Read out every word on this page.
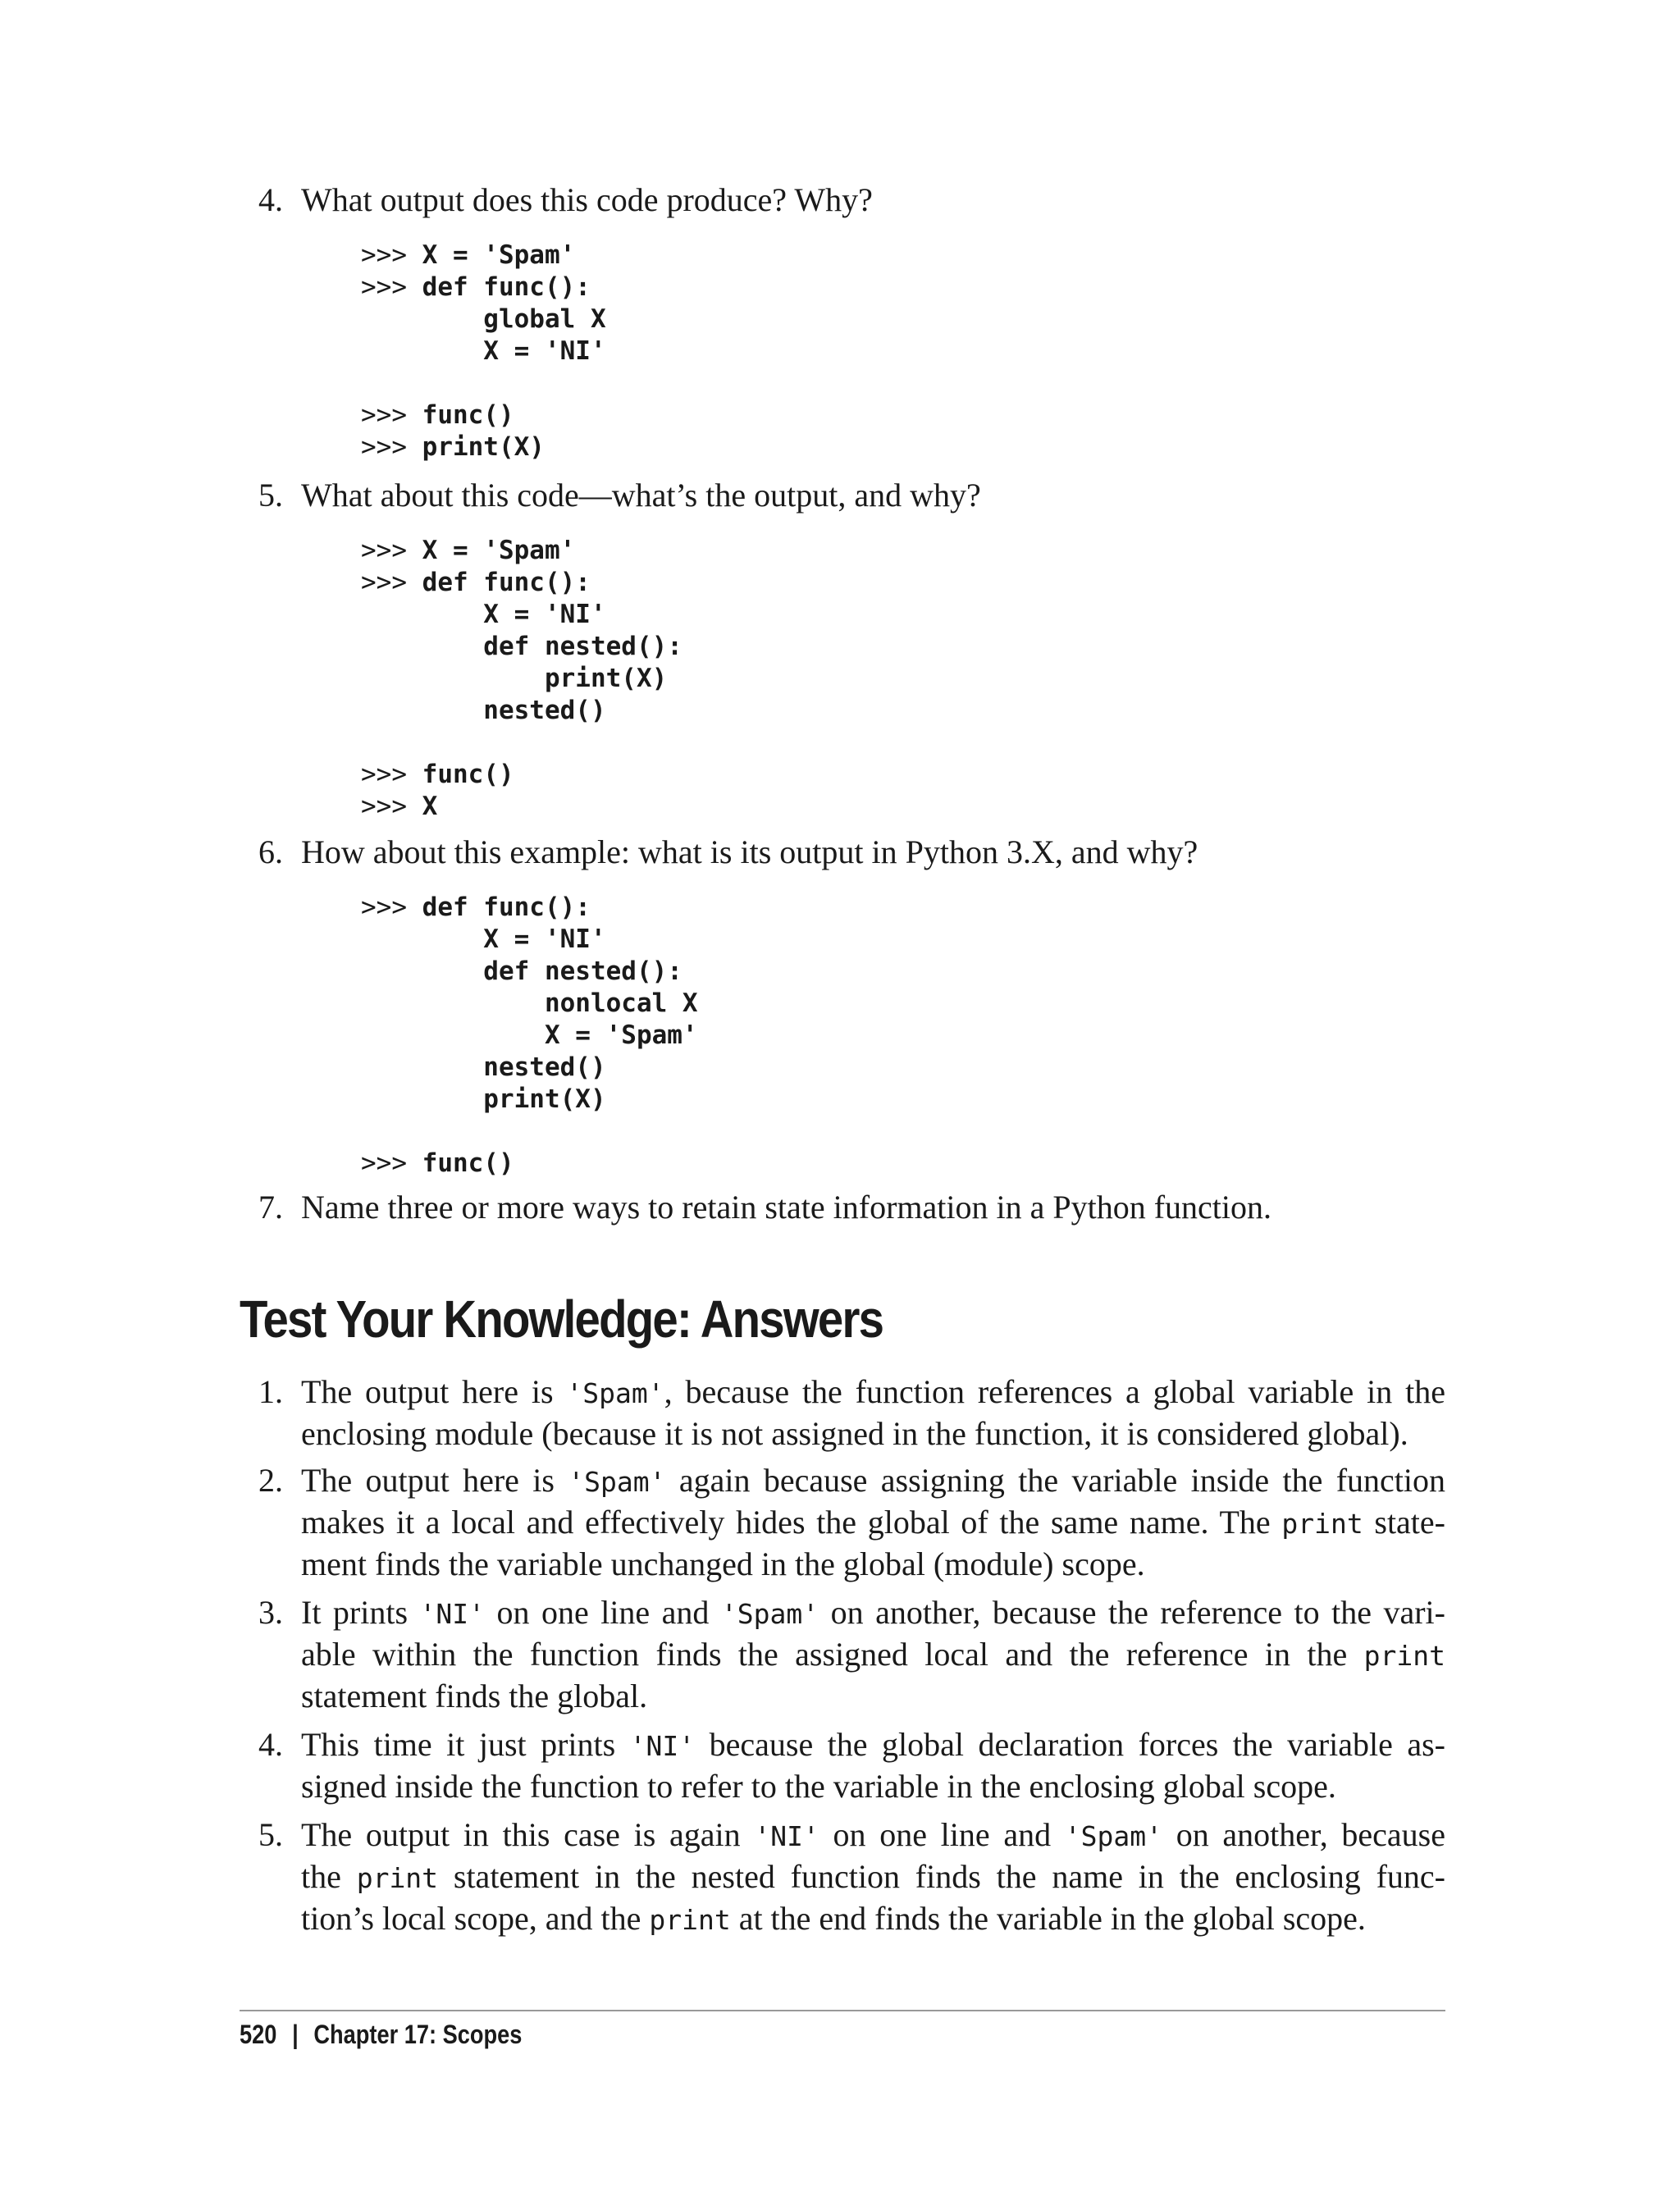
4. What output does this code produce? Why?
>>> X = 'Spam'
>>> def func():
global X
X = 'NI'

>>> func()
>>> print(X)
5. What about this code—what’s the output, and why?
>>> X = 'Spam'
>>> def func():
X = 'NI'
def nested():
print(X)
nested()

>>> func()
>>> X
6. How about this example: what is its output in Python 3.X, and why?
>>> def func():
X = 'NI'
def nested():
nonlocal X
X = 'Spam'
nested()
print(X)

>>> func()
7. Name three or more ways to retain state information in a Python function.
Test Your Knowledge: Answers
1. The output here is 'Spam', because the function references a global variable in the
enclosing module (because it is not assigned in the function, it is considered global).
2. The output here is 'Spam' again because assigning the variable inside the function
makes it a local and effectively hides the global of the same name. The print state-
ment finds the variable unchanged in the global (module) scope.
3. It prints 'NI' on one line and 'Spam' on another, because the reference to the vari-
able within the function finds the assigned local and the reference in the print
statement finds the global.
4. This time it just prints 'NI' because the global declaration forces the variable as-
signed inside the function to refer to the variable in the enclosing global scope.
5. The output in this case is again 'NI' on one line and 'Spam' on another, because
the print statement in the nested function finds the name in the enclosing func-
tion’s local scope, and the print at the end finds the variable in the global scope.
520 | Chapter 17: Scopes
